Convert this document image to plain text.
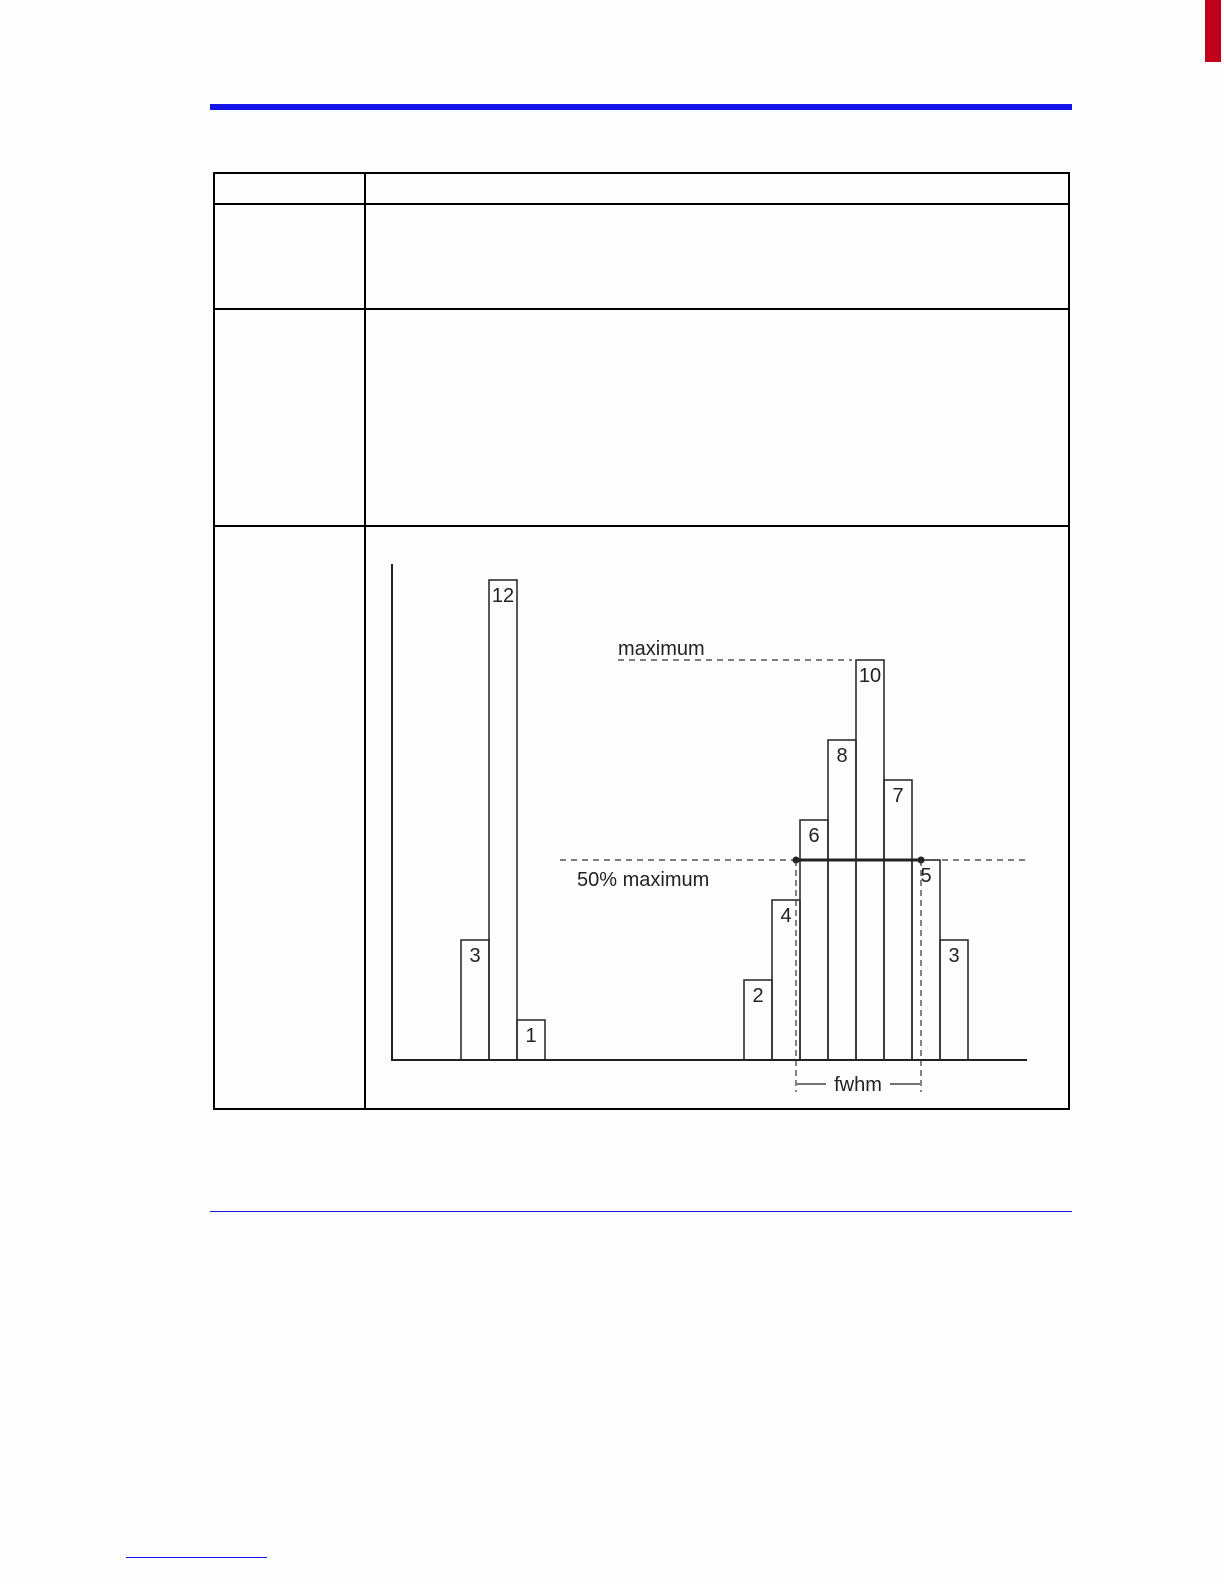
3
12
1
2
4
6
8
10
7
5
3
maximum
50% maximum
fwhm
